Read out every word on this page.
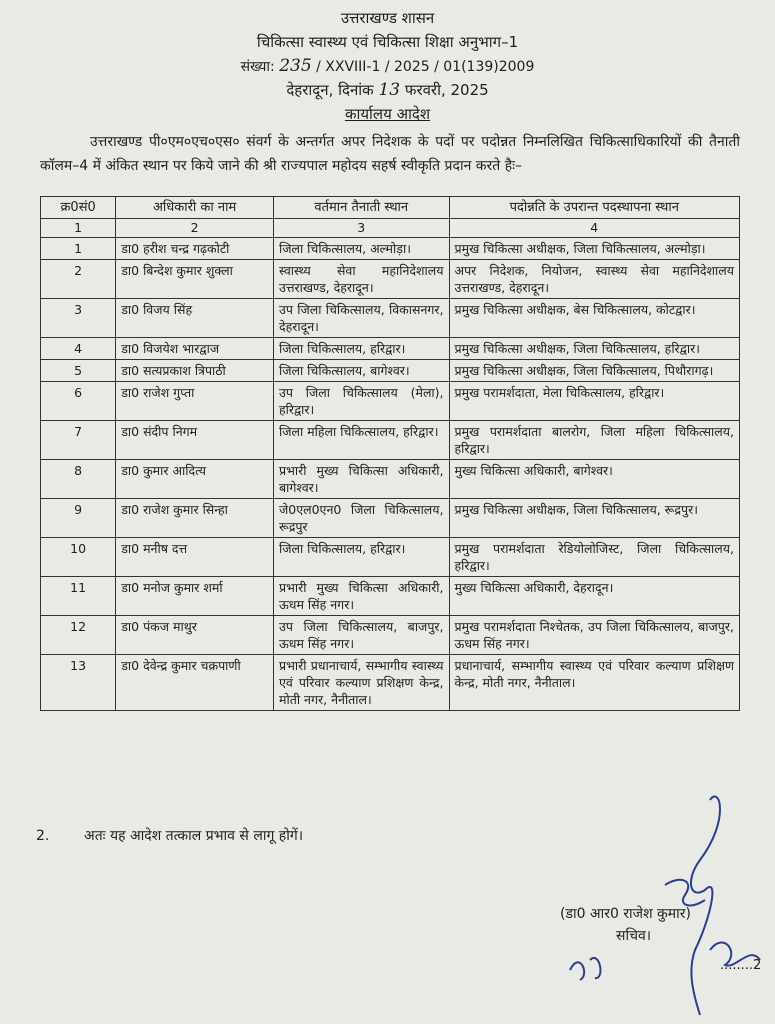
उत्तराखण्ड शासन
चिकित्सा स्वास्थ्य एवं चिकित्सा शिक्षा अनुभाग–1
संख्या: 235 / XXVIII-1 / 2025 / 01(139)2009
देहरादून, दिनांक 13 फरवरी, 2025
कार्यालय आदेश
उत्तराखण्ड पी०एम०एच०एस० संवर्ग के अन्तर्गत अपर निदेशक के पदों पर पदोन्नत निम्नलिखित चिकित्साधिकारियों की तैनाती कॉलम–4 में अंकित स्थान पर किये जाने की श्री राज्यपाल महोदय सहर्ष स्वीकृति प्रदान करते हैः–
क्र0सं0	अधिकारी का नाम	वर्तमान तैनाती स्थान	पदोन्नति के उपरान्त पदस्थापना स्थान
1	2	3	4
1	डा0 हरीश चन्द्र गढ़कोटी	जिला चिकित्सालय, अल्मोड़ा।	प्रमुख चिकित्सा अधीक्षक, जिला चिकित्सालय, अल्मोड़ा।
2	डा0 बिन्देश कुमार शुक्ला	स्वास्थ्य सेवा महानिदेशालय उत्तराखण्ड, देहरादून।	अपर निदेशक, नियोजन, स्वास्थ्य सेवा महानिदेशालय उत्तराखण्ड, देहरादून।
3	डा0 विजय सिंह	उप जिला चिकित्सालय, विकासनगर, देहरादून।	प्रमुख चिकित्सा अधीक्षक, बेस चिकित्सालय, कोटद्वार।
4	डा0 विजयेश भारद्वाज	जिला चिकित्सालय, हरिद्वार।	प्रमुख चिकित्सा अधीक्षक, जिला चिकित्सालय, हरिद्वार।
5	डा0 सत्यप्रकाश त्रिपाठी	जिला चिकित्सालय, बागेश्वर।	प्रमुख चिकित्सा अधीक्षक, जिला चिकित्सालय, पिथौरागढ़।
6	डा0 राजेश गुप्ता	उप जिला चिकित्सालय (मेला), हरिद्वार।	प्रमुख परामर्शदाता, मेला चिकित्सालय, हरिद्वार।
7	डा0 संदीप निगम	जिला महिला चिकित्सालय, हरिद्वार।	प्रमुख परामर्शदाता बालरोग, जिला महिला चिकित्सालय, हरिद्वार।
8	डा0 कुमार आदित्य	प्रभारी मुख्य चिकित्सा अधिकारी, बागेश्वर।	मुख्य चिकित्सा अधिकारी, बागेश्वर।
9	डा0 राजेश कुमार सिन्हा	जे0एल0एन0 जिला चिकित्सालय, रूद्रपुर	प्रमुख चिकित्सा अधीक्षक, जिला चिकित्सालय, रूद्रपुर।
10	डा0 मनीष दत्त	जिला चिकित्सालय, हरिद्वार।	प्रमुख परामर्शदाता रेडियोलोजिस्ट, जिला चिकित्सालय, हरिद्वार।
11	डा0 मनोज कुमार शर्मा	प्रभारी मुख्य चिकित्सा अधिकारी, ऊधम सिंह नगर।	मुख्य चिकित्सा अधिकारी, देहरादून।
12	डा0 पंकज माथुर	उप जिला चिकित्सालय, बाजपुर, ऊधम सिंह नगर।	प्रमुख परामर्शदाता निश्चेतक, उप जिला चिकित्सालय, बाजपुर, ऊधम सिंह नगर।
13	डा0 देवेन्द्र कुमार चक्रपाणी	प्रभारी प्रधानाचार्य, सम्भागीय स्वास्थ्य एवं परिवार कल्याण प्रशिक्षण केन्द्र, मोती नगर, नैनीताल।	प्रधानाचार्य, सम्भागीय स्वास्थ्य एवं परिवार कल्याण प्रशिक्षण केन्द्र, मोती नगर, नैनीताल।
2. अतः यह आदेश तत्काल प्रभाव से लागू होगें।
(डा0 आर0 राजेश कुमार)
सचिव।
........2
